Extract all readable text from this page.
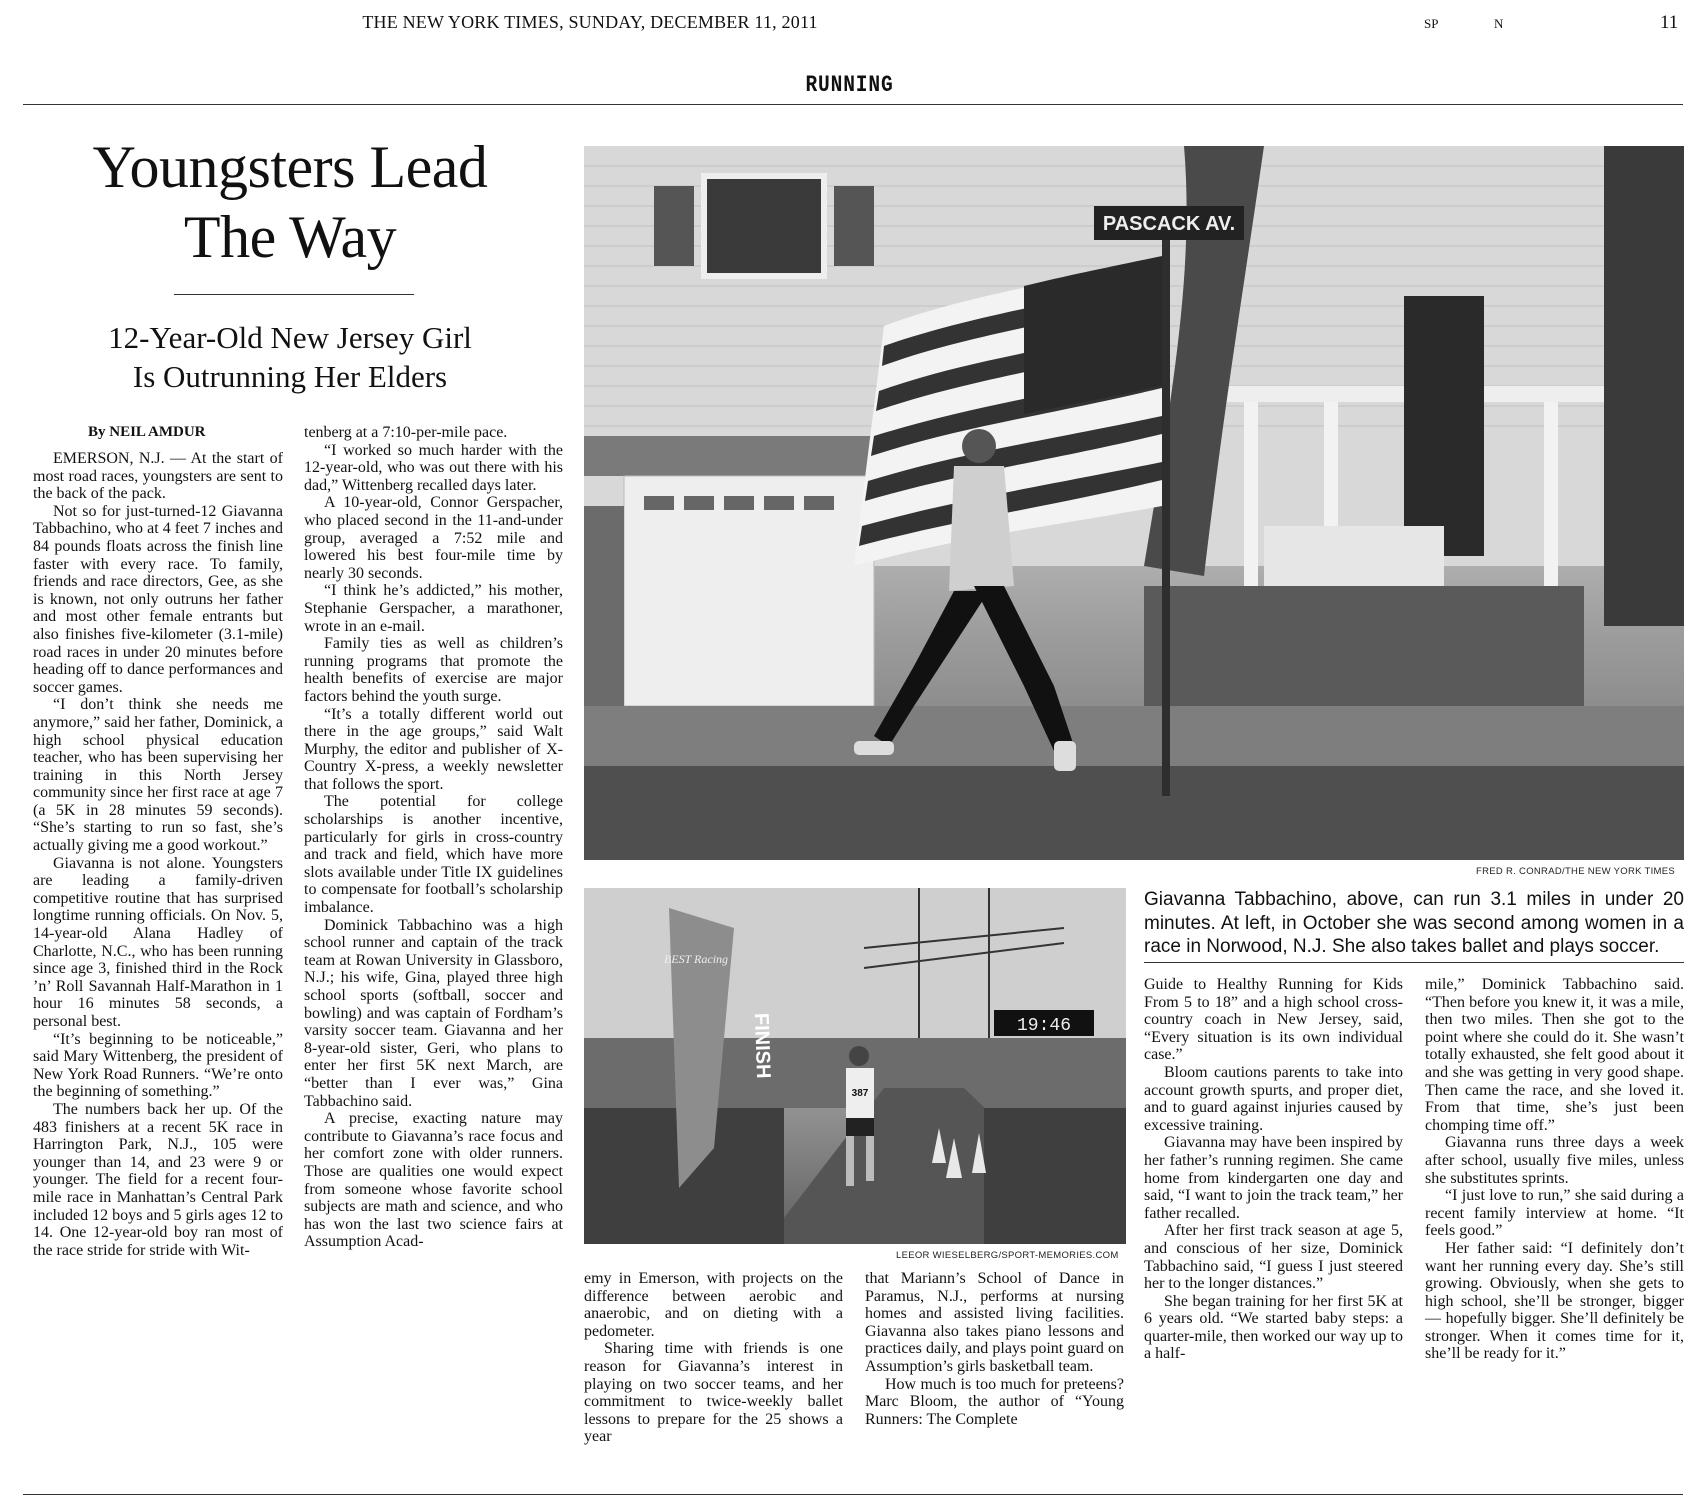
THE NEW YORK TIMES, SUNDAY, DECEMBER 11, 2011	SP	N	11
RUNNING
Youngsters Lead
The Way
12-Year-Old New Jersey Girl
Is Outrunning Her Elders
By NEIL AMDUR

EMERSON, N.J. — At the start of most road races, youngsters are sent to the back of the pack.

Not so for just-turned-12 Giavanna Tabbachino, who at 4 feet 7 inches and 84 pounds floats across the finish line faster with every race. To family, friends and race directors, Gee, as she is known, not only outruns her father and most other female entrants but also finishes five-kilometer (3.1-mile) road races in under 20 minutes before heading off to dance performances and soccer games.

“I don’t think she needs me anymore,” said her father, Dominick, a high school physical education teacher, who has been supervising her training in this North Jersey community since her first race at age 7 (a 5K in 28 minutes 59 seconds). “She’s starting to run so fast, she’s actually giving me a good workout.”

Giavanna is not alone. Youngsters are leading a family-driven competitive routine that has surprised longtime running officials. On Nov. 5, 14-year-old Alana Hadley of Charlotte, N.C., who has been running since age 3, finished third in the Rock ’n’ Roll Savannah Half-Marathon in 1 hour 16 minutes 58 seconds, a personal best.

“It’s beginning to be noticeable,” said Mary Wittenberg, the president of New York Road Runners. “We’re onto the beginning of something.”

The numbers back her up. Of the 483 finishers at a recent 5K race in Harrington Park, N.J., 105 were younger than 14, and 23 were 9 or younger. The field for a recent four-mile race in Manhattan’s Central Park included 12 boys and 5 girls ages 12 to 14. One 12-year-old boy ran most of the race stride for stride with Wit-

tenberg at a 7:10-per-mile pace.

“I worked so much harder with the 12-year-old, who was out there with his dad,” Wittenberg recalled days later.

A 10-year-old, Connor Gerspacher, who placed second in the 11-and-under group, averaged a 7:52 mile and lowered his best four-mile time by nearly 30 seconds.

“I think he’s addicted,” his mother, Stephanie Gerspacher, a marathoner, wrote in an e-mail.

Family ties as well as children’s running programs that promote the health benefits of exercise are major factors behind the youth surge.

“It’s a totally different world out there in the age groups,” said Walt Murphy, the editor and publisher of X-Country X-press, a weekly newsletter that follows the sport.

The potential for college scholarships is another incentive, particularly for girls in cross-country and track and field, which have more slots available under Title IX guidelines to compensate for football’s scholarship imbalance.

Dominick Tabbachino was a high school runner and captain of the track team at Rowan University in Glassboro, N.J.; his wife, Gina, played three high school sports (softball, soccer and bowling) and was captain of Fordham’s varsity soccer team. Giavanna and her 8-year-old sister, Geri, who plans to enter her first 5K next March, are “better than I ever was,” Gina Tabbachino said.

A precise, exacting nature may contribute to Giavanna’s race focus and her comfort zone with older runners. Those are qualities one would expect from someone whose favorite school subjects are math and science, and who has won the last two science fairs at Assumption Acad-

PASCACK AV.
FRED R. CONRAD/THE NEW YORK TIMES
BEST Racing
FINISH	19:46
387
LEEOR WIESELBERG/SPORT-MEMORIES.COM
Giavanna Tabbachino, above, can run 3.1 miles in under 20 minutes. At left, in October she was second among women in a race in Norwood, N.J. She also takes ballet and plays soccer.

emy in Emerson, with projects on the difference between aerobic and anaerobic, and on dieting with a pedometer.

Sharing time with friends is one reason for Giavanna’s interest in playing on two soccer teams, and her commitment to twice-weekly ballet lessons to prepare for the 25 shows a year

that Mariann’s School of Dance in Paramus, N.J., performs at nursing homes and assisted living facilities. Giavanna also takes piano lessons and practices daily, and plays point guard on Assumption’s girls basketball team.

How much is too much for preteens? Marc Bloom, the author of “Young Runners: The Complete

Guide to Healthy Running for Kids From 5 to 18” and a high school cross-country coach in New Jersey, said, “Every situation is its own individual case.”

Bloom cautions parents to take into account growth spurts, and proper diet, and to guard against injuries caused by excessive training.

Giavanna may have been inspired by her father’s running regimen. She came home from kindergarten one day and said, “I want to join the track team,” her father recalled.

After her first track season at age 5, and conscious of her size, Dominick Tabbachino said, “I guess I just steered her to the longer distances.”

She began training for her first 5K at 6 years old. “We started baby steps: a quarter-mile, then worked our way up to a half-

mile,” Dominick Tabbachino said. “Then before you knew it, it was a mile, then two miles. Then she got to the point where she could do it. She wasn’t totally exhausted, she felt good about it and she was getting in very good shape. Then came the race, and she loved it. From that time, she’s just been chomping time off.”

Giavanna runs three days a week after school, usually five miles, unless she substitutes sprints.

“I just love to run,” she said during a recent family interview at home. “It feels good.”

Her father said: “I definitely don’t want her running every day. She’s still growing. Obviously, when she gets to high school, she’ll be stronger, bigger — hopefully bigger. She’ll definitely be stronger. When it comes time for it, she’ll be ready for it.”
